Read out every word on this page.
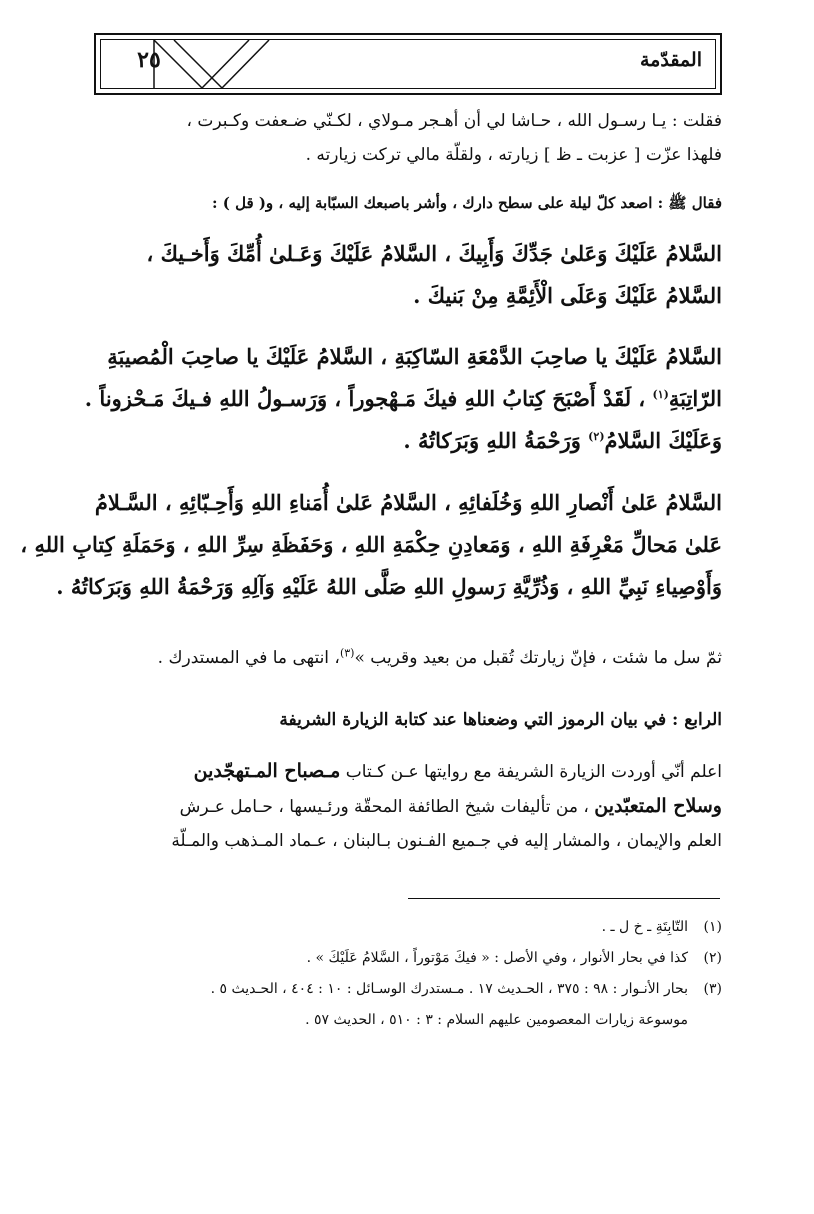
٢٥	المقدّمة
فقلت : يـا رسـول الله ، حـاشا لي أن أهـجر مـولاي ، لكـنّي ضـعفت وكـبرت ،
فلهذا عزّت [ عزبت ـ ظ ] زيارته ، ولقلّة مالي تركت زيارته .
فقال ﷺ : اصعد كلّ ليلة على سطح دارك ، وأشر باصبعك السبّابة إليه ، و( قل ) :
السَّلامُ عَلَيْكَ وَعَلىٰ جَدِّكَ وَأَبِيكَ ، السَّلامُ عَلَيْكَ وَعَـلىٰ أُمِّكَ وَأَخـيكَ ،
السَّلامُ عَلَيْكَ وَعَلَى الْأَئِمَّةِ مِنْ بَنيكَ .
السَّلامُ عَلَيْكَ يا صاحِبَ الدَّمْعَةِ السّاكِبَةِ ، السَّلامُ عَلَيْكَ يا صاحِبَ الْمُصيبَةِ
الرّاتِبَةِ$^{(١)}$ ، لَقَدْ أَصْبَحَ كِتابُ اللهِ فيكَ مَـهْجوراً ، وَرَسـولُ اللهِ فـيكَ مَـحْزوناً .
وَعَلَيْكَ السَّلامُ$^{(٢)}$ وَرَحْمَةُ اللهِ وَبَرَكاتُهُ .
السَّلامُ عَلىٰ أَنْصارِ اللهِ وَخُلَفائِهِ ، السَّلامُ عَلىٰ أُمَناءِ اللهِ وَأَحِـبّائِهِ ، السَّـلامُ
عَلىٰ مَحالِّ مَعْرِفَةِ اللهِ ، وَمَعادِنِ حِكْمَةِ اللهِ ، وَحَفَظَةِ سِرِّ اللهِ ، وَحَمَلَةِ كِتابِ اللهِ ،
وَأَوْصِياءِ نَبِيِّ اللهِ ، وَذُرِّيَّةِ رَسولِ اللهِ صَلَّى اللهُ عَلَيْهِ وَآلِهِ وَرَحْمَةُ اللهِ وَبَرَكاتُهُ .
ثمّ سل ما شئت ، فإنّ زيارتك تُقبل من بعيد وقريب »$^{(٣)}$، انتهى ما في المستدرك .
الرابع : في بيان الرموز التي وضعناها عند كتابة الزيارة الشريفة
اعلم أنّي أوردت الزيارة الشريفة مع روايتها عـن كـتاب مـصباح المـتهجّدين
وسلاح المتعبّدين ، من تأليفات شيخ الطائفة المحقّة ورئـيسها ، حـامل عـرش
العلم والإيمان ، والمشار إليه في جـميع الفـنون بـالبنان ، عـماد المـذهب والمـلّة
(١)التّابِتَةِ ـ خ ل ـ .
(٢)كذا في بحار الأنوار ، وفي الأصل : « فيكَ مَوْتوراً ، السَّلامُ عَلَيْكَ » .
(٣)بحار الأنـوار : ٩٨ : ٣٧٥ ، الحـديث ١٧ . مـستدرك الوسـائل : ١٠ : ٤٠٤ ، الحـديث ٥ .
موسوعة زيارات المعصومين عليهم السلام : ٣ : ٥١٠ ، الحديث ٥٧ .
